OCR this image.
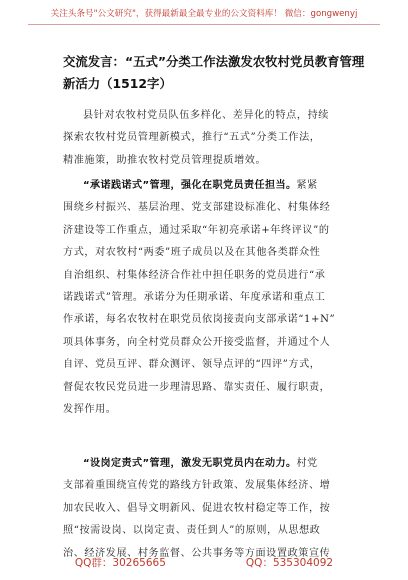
关注头条号"公文研究"，获得最新最全最专业的公文资料库！ 微信：gongwenyj
交流发言：“五式”分类工作法激发农牧村党员教育管理
新活力（1512字）
县针对农牧村党员队伍多样化、差异化的特点，持续
探索农牧村党员管理新模式，推行“五式”分类工作法，
精准施策，助推农牧村党员管理提质增效。
“承诺践诺式”管理，强化在职党员责任担当。紧紧
围绕乡村振兴、基层治理、党支部建设标准化、村集体经
济建设等工作重点，通过采取“年初亮承诺+年终评议”的
方式，对农牧村“两委”班子成员以及在其他各类群众性
自治组织、村集体经济合作社中担任职务的党员进行“承
诺践诺式”管理。承诺分为任期承诺、年度承诺和重点工
作承诺，每名农牧村在职党员依岗接责向支部承诺“1+N”
项具体事务，向全村党员群众公开接受监督，并通过个人
自评、党员互评、群众测评、领导点评的“四评”方式，
督促农牧民党员进一步理清思路、靠实责任、履行职责，
发挥作用。
“设岗定责式”管理，激发无职党员内在动力。村党
支部着重围绕宣传党的路线方针政策、发展集体经济、增
加农民收入、倡导文明新风、促进农牧村稳定等工作，按
照“按需设岗、以岗定责、责任到人”的原则，从思想政
治、经济发展、村务监督、公共事务等方面设置政策宣传
QQ群：30265665	QQ：535304092
